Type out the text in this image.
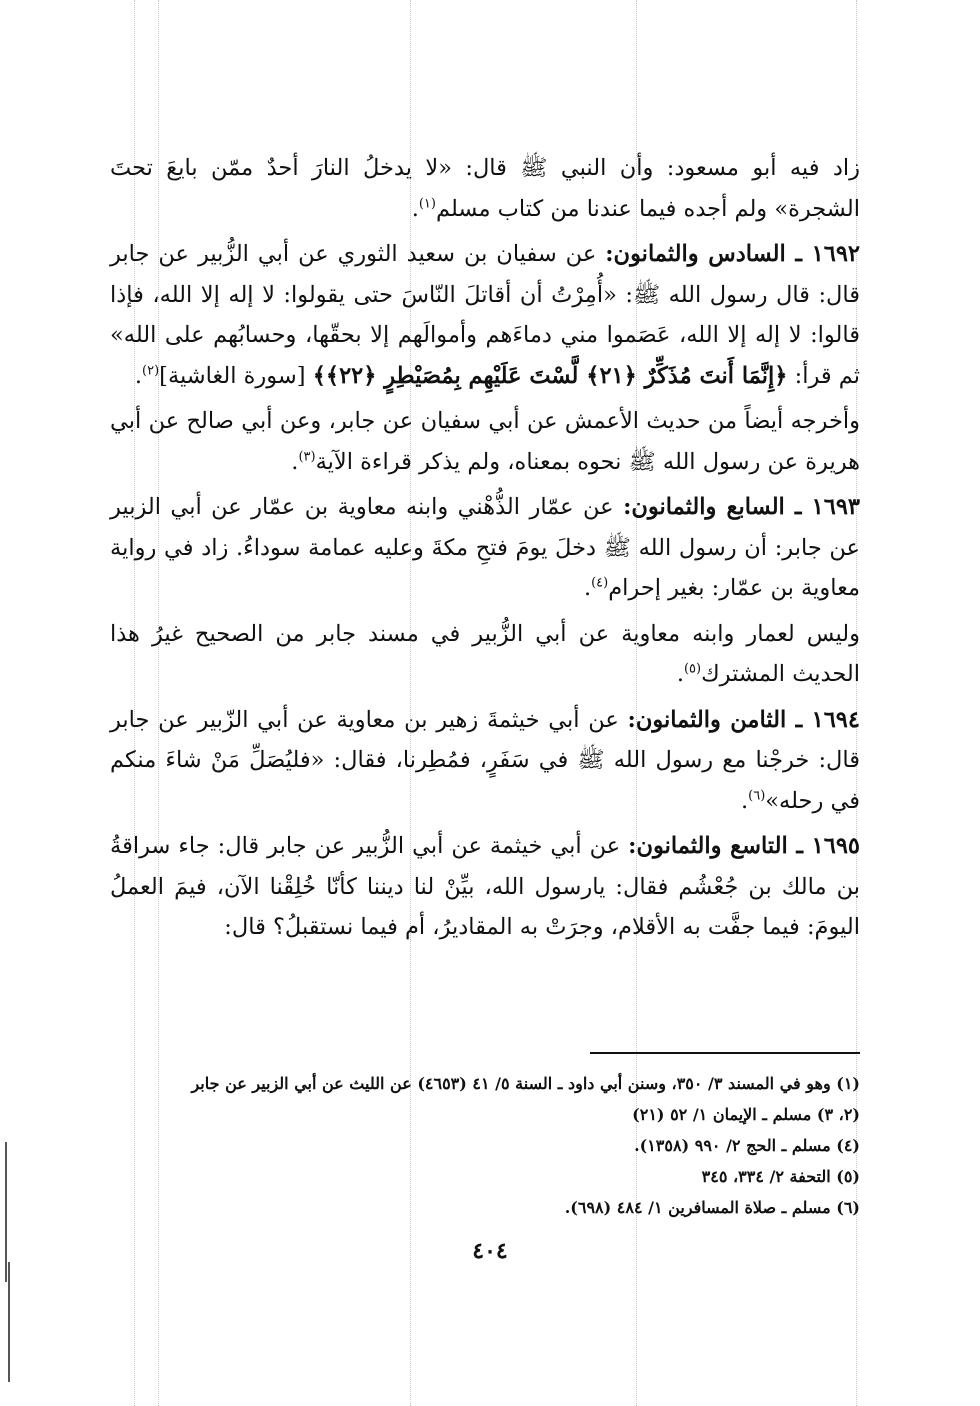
زاد فيه أبو مسعود: وأن النبي ﷺ قال: «لا يدخلُ النارَ أحدٌ ممّن بايعَ تحتَ الشجرة» ولم أجده فيما عندنا من كتاب مسلم$^{(١)}$.

١٦٩٢ ـ السادس والثمانون: عن سفيان بن سعيد الثوري عن أبي الزُّبير عن جابر قال: قال رسول الله ﷺ: «أُمِرْتُ أن أقاتلَ النّاسَ حتى يقولوا: لا إله إلا الله، فإذا قالوا: لا إله إلا الله، عَصَموا مني دماءَهم وأموالَهم إلا بحقّها، وحسابُهم على الله» ثم قرأ: ﴿إِنَّمَا أَنتَ مُذَكِّرٌ ﴿٢١﴾ لَّسْتَ عَلَيْهِم بِمُصَيْطِرٍ ﴿٢٢﴾﴾ [سورة الغاشية]$^{(٢)}$.

وأخرجه أيضاً من حديث الأعمش عن أبي سفيان عن جابر، وعن أبي صالح عن أبي هريرة عن رسول الله ﷺ نحوه بمعناه، ولم يذكر قراءة الآية$^{(٣)}$.

١٦٩٣ ـ السابع والثمانون: عن عمّار الذُّهْني وابنه معاوية بن عمّار عن أبي الزبير عن جابر: أن رسول الله ﷺ دخلَ يومَ فتحِ مكةَ وعليه عمامة سوداءُ. زاد في رواية معاوية بن عمّار: بغير إحرام$^{(٤)}$.

وليس لعمار وابنه معاوية عن أبي الزُّبير في مسند جابر من الصحيح غيرُ هذا الحديث المشترك$^{(٥)}$.

١٦٩٤ ـ الثامن والثمانون: عن أبي خيثمةَ زهير بن معاوية عن أبي الزّبير عن جابر قال: خرجْنا مع رسول الله ﷺ في سَفَرٍ، فمُطِرنا، فقال: «فليُصَلِّ مَنْ شاءَ منكم في رحله»$^{(٦)}$.

١٦٩٥ ـ التاسع والثمانون: عن أبي خيثمة عن أبي الزُّبير عن جابر قال: جاء سراقةُ بن مالك بن جُعْشُم فقال: يارسول الله، بيِّنْ لنا ديننا كأنّا خُلِقْنا الآن، فيمَ العملُ اليومَ: فيما جفَّت به الأقلام، وجرَتْ به المقاديرُ، أم فيما نستقبلُ؟ قال:

(١) وهو في المسند ٣/ ٣٥٠، وسنن أبي داود ـ السنة ٥/ ٤١ (٤٦٥٣) عن الليث عن أبي الزبير عن جابر
(٢، ٣) مسلم ـ الإيمان ١/ ٥٢ (٢١)
(٤) مسلم ـ الحج ٢/ ٩٩٠ (١٣٥٨).
(٥) التحفة ٢/ ٣٣٤، ٣٤٥
(٦) مسلم ـ صلاة المسافرين ١/ ٤٨٤ (٦٩٨).
٤٠٤
